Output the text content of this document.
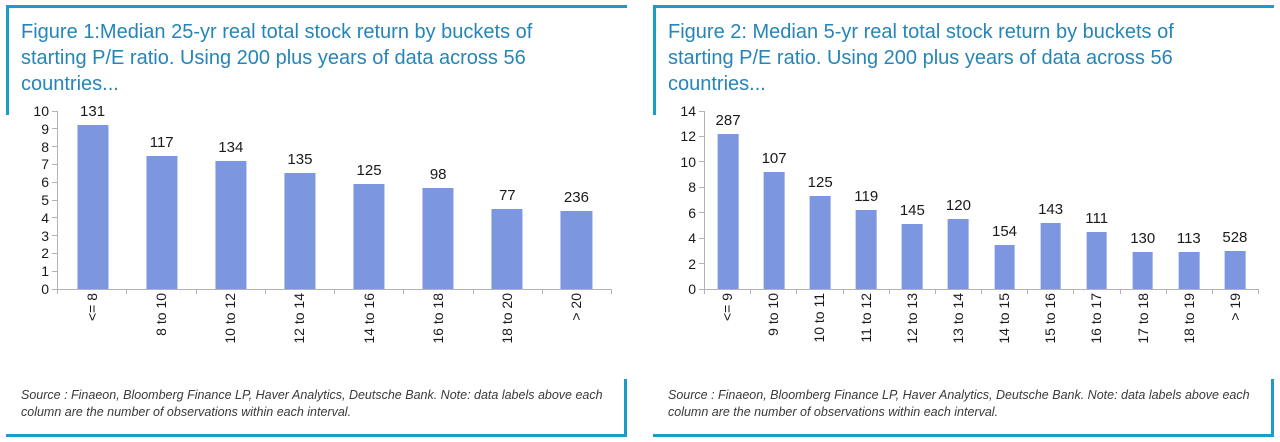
Figure 1:Median 25-yr real total stock return by buckets of starting P/E ratio. Using 200 plus years of data across 56 countries...
10
9
8
7
6
5
4
3
2
1
0
131
117	134
135
125	98
77	236
<= 8	8 to 10	10 to 12	12 to 14	14 to 16	16 to 18	18 to 20	> 20
Source : Finaeon, Bloomberg Finance LP, Haver Analytics, Deutsche Bank. Note: data labels above each column are the number of observations within each interval.
Figure 2: Median 5-yr real total stock return by buckets of starting P/E ratio. Using 200 plus years of data across 56 countries...
14
12
10
8
6
4
2
0
287
107
125
119
145 120
154
143
111
130 113 528
<= 9 9 to 10 10 to 11 11 to 12 12 to 13 13 to 14 14 to 15 15 to 16 16 to 17 17 to 18 18 to 19 > 19
Source : Finaeon, Bloomberg Finance LP, Haver Analytics, Deutsche Bank. Note: data labels above each column are the number of observations within each interval.
